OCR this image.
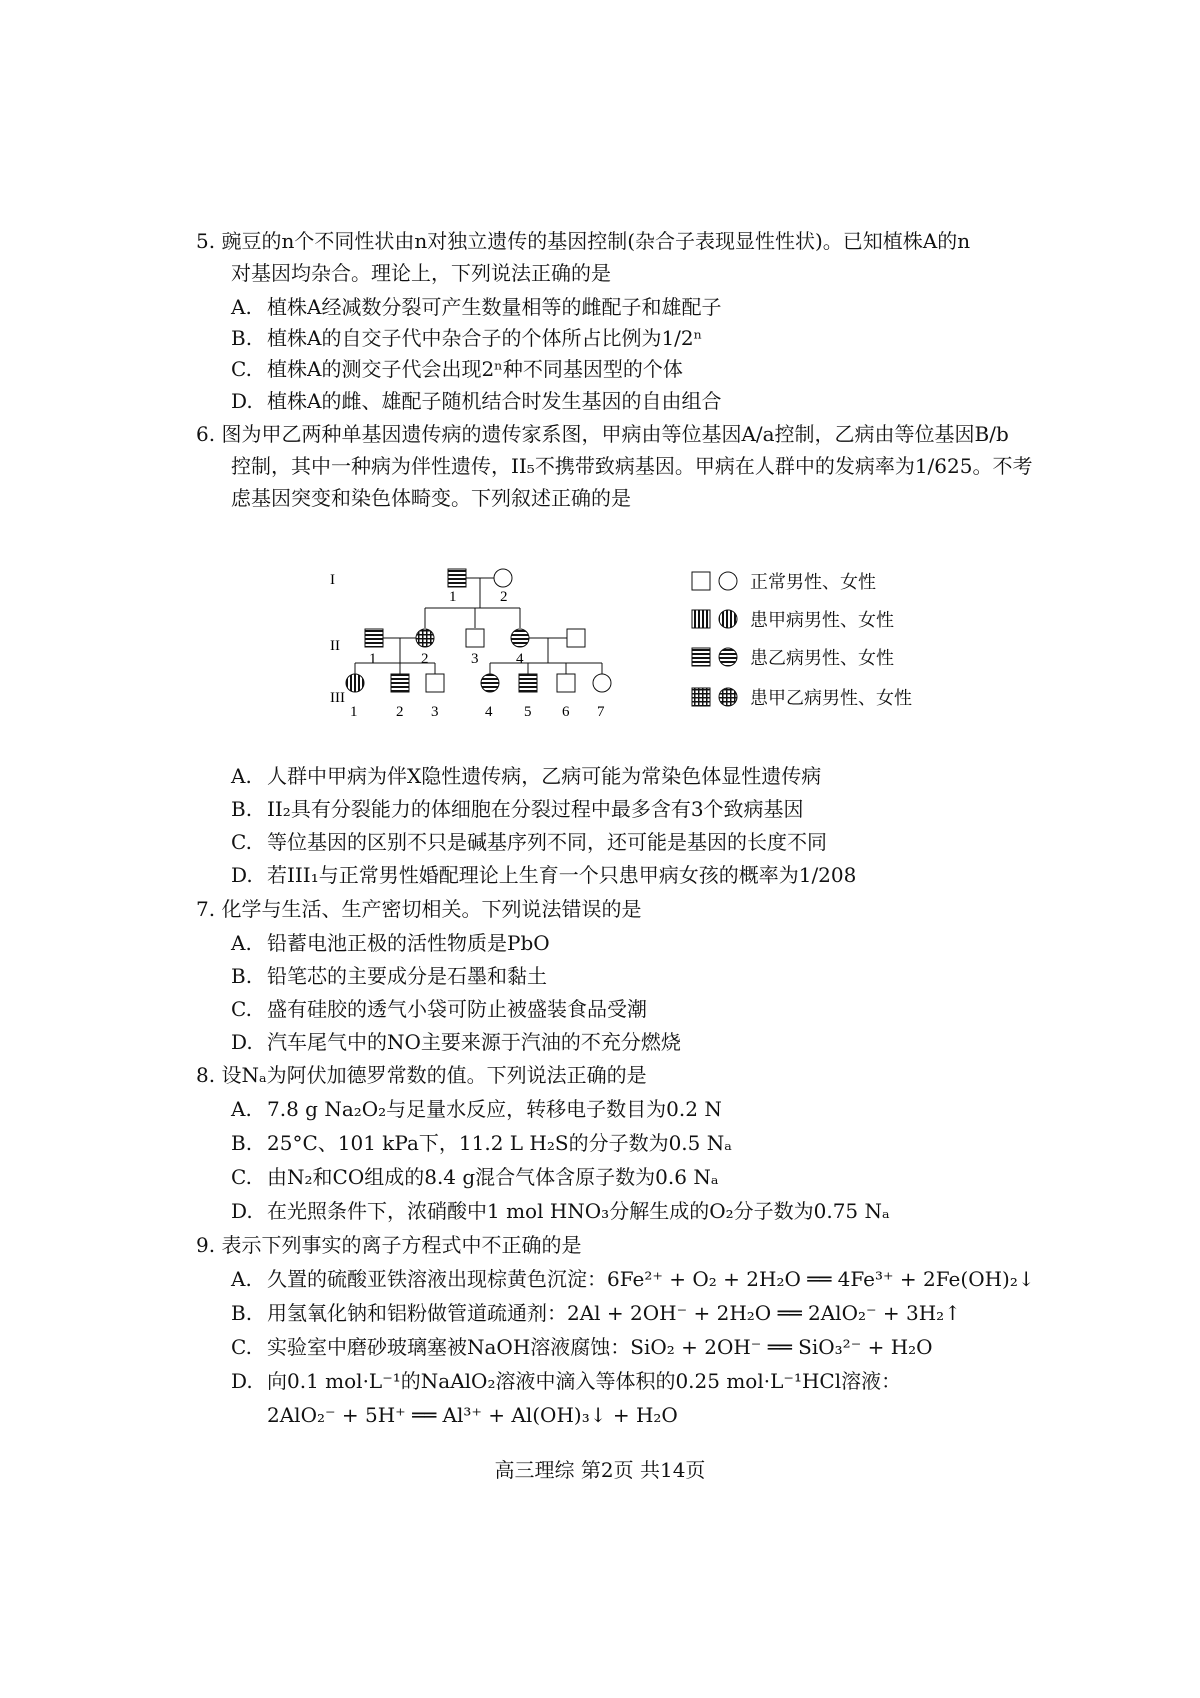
5. 豌豆的n个不同性状由n对独立遗传的基因控制(杂合子表现显性性状)。已知植株A的n
对基因均杂合。理论上，下列说法正确的是
A. 植株A经减数分裂可产生数量相等的雌配子和雄配子
B. 植株A的自交子代中杂合子的个体所占比例为1/2ⁿ
C. 植株A的测交子代会出现2ⁿ种不同基因型的个体
D. 植株A的雌、雄配子随机结合时发生基因的自由组合
6. 图为甲乙两种单基因遗传病的遗传家系图，甲病由等位基因A/a控制，乙病由等位基因B/b
控制，其中一种病为伴性遗传，II₅不携带致病基因。甲病在人群中的发病率为1/625。不考
虑基因突变和染色体畸变。下列叙述正确的是
I
II
III
1	2
1	2	3	4
1	2 3	4 5 6 7
正常男性、女性
患甲病男性、女性
患乙病男性、女性
患甲乙病男性、女性
A. 人群中甲病为伴X隐性遗传病，乙病可能为常染色体显性遗传病
B. II₂具有分裂能力的体细胞在分裂过程中最多含有3个致病基因
C. 等位基因的区别不只是碱基序列不同，还可能是基因的长度不同
D. 若III₁与正常男性婚配理论上生育一个只患甲病女孩的概率为1/208
7. 化学与生活、生产密切相关。下列说法错误的是
A. 铅蓄电池正极的活性物质是PbO
B. 铅笔芯的主要成分是石墨和黏土
C. 盛有硅胶的透气小袋可防止被盛装食品受潮
D. 汽车尾气中的NO主要来源于汽油的不充分燃烧
8. 设Nₐ为阿伏加德罗常数的值。下列说法正确的是
A. 7.8 g Na₂O₂与足量水反应，转移电子数目为0.2 N
B. 25°C、101 kPa下，11.2 L H₂S的分子数为0.5 Nₐ
C. 由N₂和CO组成的8.4 g混合气体含原子数为0.6 Nₐ
D. 在光照条件下，浓硝酸中1 mol HNO₃分解生成的O₂分子数为0.75 Nₐ
9. 表示下列事实的离子方程式中不正确的是
A. 久置的硫酸亚铁溶液出现棕黄色沉淀：6Fe²⁺ + O₂ + 2H₂O ══ 4Fe³⁺ + 2Fe(OH)₂↓
B. 用氢氧化钠和铝粉做管道疏通剂：2Al + 2OH⁻ + 2H₂O ══ 2AlO₂⁻ + 3H₂↑
C. 实验室中磨砂玻璃塞被NaOH溶液腐蚀：SiO₂ + 2OH⁻ ══ SiO₃²⁻ + H₂O
D. 向0.1 mol·L⁻¹的NaAlO₂溶液中滴入等体积的0.25 mol·L⁻¹HCl溶液：
2AlO₂⁻ + 5H⁺ ══ Al³⁺ + Al(OH)₃↓ + H₂O
高三理综 第2页 共14页
